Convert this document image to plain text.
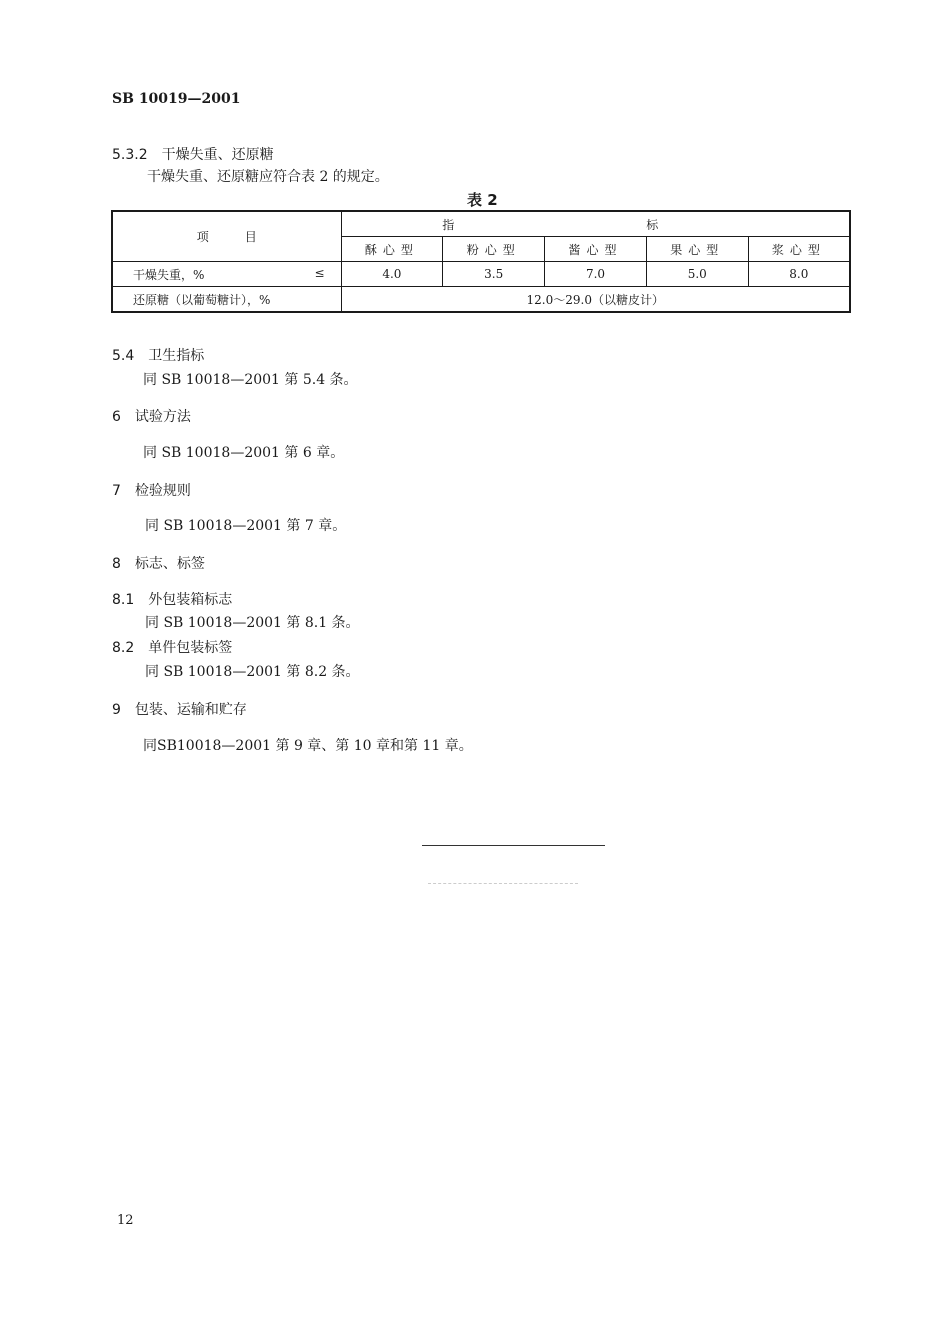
SB 10019—2001
5.3.2 干燥失重、还原糖
干燥失重、还原糖应符合表 2 的规定。
表 2
项　　　目	指　标				
	酥心型	粉心型	酱心型	果心型	浆心型
干燥失重，% ≤	4.0	3.5	7.0	5.0	8.0
还原糖（以葡萄糖计），%	12.0～29.0（以糖皮计）				
5.4 卫生指标
同 SB 10018—2001 第 5.4 条。
6 试验方法
同 SB 10018—2001 第 6 章。
7 检验规则
同 SB 10018—2001 第 7 章。
8 标志、标签
8.1 外包装箱标志
同 SB 10018—2001 第 8.1 条。
8.2 单件包装标签
同 SB 10018—2001 第 8.2 条。
9 包装、运输和贮存
同SB10018—2001 第 9 章、第 10 章和第 11 章。
12
